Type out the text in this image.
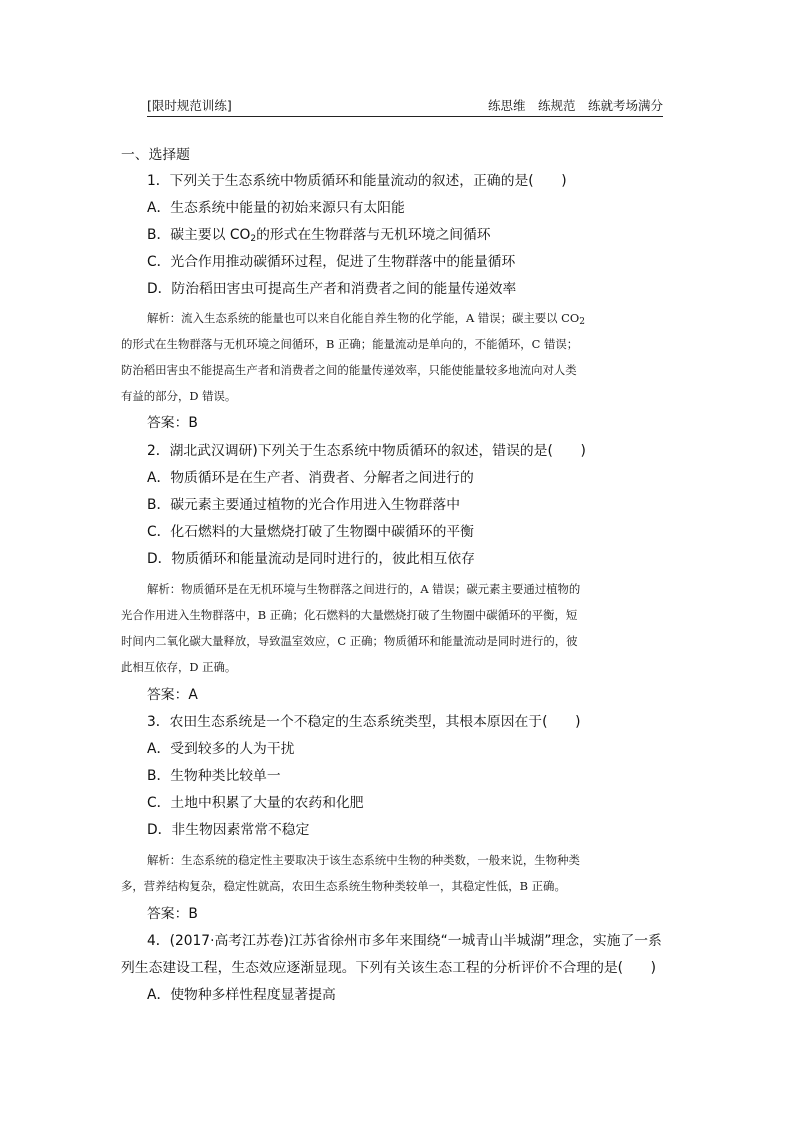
[限时规范训练]	练思维　练规范　练就考场满分
一、选择题
1．下列关于生态系统中物质循环和能量流动的叙述，正确的是(　　)
A．生态系统中能量的初始来源只有太阳能
B．碳主要以 $CO_2$的形式在生物群落与无机环境之间循环
C．光合作用推动碳循环过程，促进了生物群落中的能量循环
D．防治稻田害虫可提高生产者和消费者之间的能量传递效率
解析：流入生态系统的能量也可以来自化能自养生物的化学能，A 错误；碳主要以 $CO_2$
的形式在生物群落与无机环境之间循环，B 正确；能量流动是单向的，不能循环，C 错误；
防治稻田害虫不能提高生产者和消费者之间的能量传递效率，只能使能量较多地流向对人类
有益的部分，D 错误。
答案：B
2．湖北武汉调研)下列关于生态系统中物质循环的叙述，错误的是(　　)
A．物质循环是在生产者、消费者、分解者之间进行的
B．碳元素主要通过植物的光合作用进入生物群落中
C．化石燃料的大量燃烧打破了生物圈中碳循环的平衡
D．物质循环和能量流动是同时进行的，彼此相互依存
解析：物质循环是在无机环境与生物群落之间进行的，A 错误；碳元素主要通过植物的
光合作用进入生物群落中，B 正确；化石燃料的大量燃烧打破了生物圈中碳循环的平衡，短
时间内二氧化碳大量释放，导致温室效应，C 正确；物质循环和能量流动是同时进行的，彼
此相互依存，D 正确。
答案：A
3．农田生态系统是一个不稳定的生态系统类型，其根本原因在于(　　)
A．受到较多的人为干扰
B．生物种类比较单一
C．土地中积累了大量的农药和化肥
D．非生物因素常常不稳定
解析：生态系统的稳定性主要取决于该生态系统中生物的种类数，一般来说，生物种类
多，营养结构复杂，稳定性就高，农田生态系统生物种类较单一，其稳定性低，B 正确。
答案：B
4．(2017·高考江苏卷)江苏省徐州市多年来围绕“一城青山半城湖”理念，实施了一系
列生态建设工程，生态效应逐渐显现。下列有关该生态工程的分析评价不合理的是(　　)
A．使物种多样性程度显著提高
